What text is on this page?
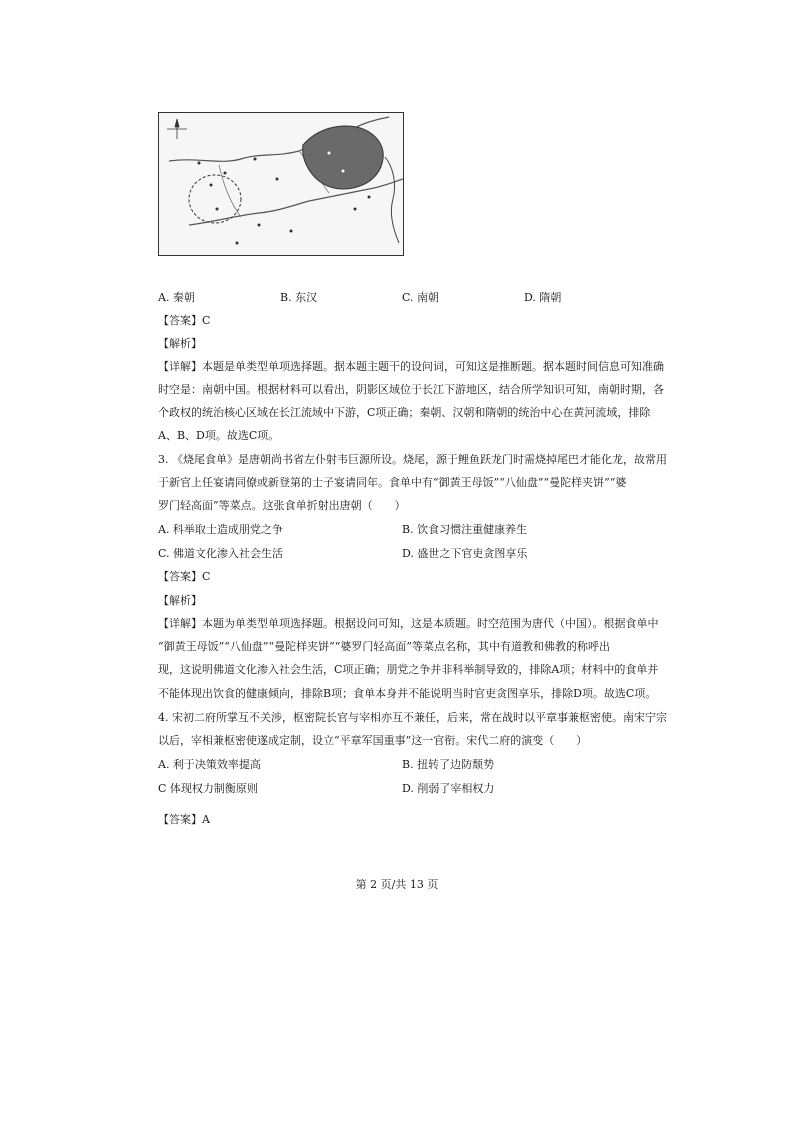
A. 秦朝	B. 东汉	C. 南朝	D. 隋朝
【答案】C
【解析】
【详解】本题是单类型单项选择题。据本题主题干的设问词，可知这是推断题。据本题时间信息可知准确
时空是：南朝中国。根据材料可以看出，阴影区域位于长江下游地区，结合所学知识可知，南朝时期，各
个政权的统治核心区域在长江流域中下游，C项正确；秦朝、汉朝和隋朝的统治中心在黄河流域，排除
A、B、D项。故选C项。
3. 《烧尾食单》是唐朝尚书省左仆射韦巨源所设。烧尾，源于鲤鱼跃龙门时需烧掉尾巴才能化龙，故常用
于新官上任宴请同僚或新登第的士子宴请同年。食单中有“御黄王母饭”“八仙盘”“曼陀样夹饼”“婆
罗门轻高面”等菜点。这张食单折射出唐朝（　　）
A. 科举取士造成朋党之争	B. 饮食习惯注重健康养生
C. 佛道文化渗入社会生活	D. 盛世之下官吏贪图享乐
【答案】C
【解析】
【详解】本题为单类型单项选择题。根据设问可知，这是本质题。时空范围为唐代（中国）。根据食单中
“御黄王母饭”“八仙盘”“曼陀样夹饼”“婆罗门轻高面”等菜点名称，其中有道教和佛教的称呼出
现，这说明佛道文化渗入社会生活，C项正确；朋党之争并非科举制导致的，排除A项；材料中的食单并
不能体现出饮食的健康倾向，排除B项；食单本身并不能说明当时官吏贪图享乐，排除D项。故选C项。
4. 宋初二府所掌互不关涉，枢密院长官与宰相亦互不兼任，后来，常在战时以平章事兼枢密使。南宋宁宗
以后，宰相兼枢密使遂成定制，设立“平章军国重事”这一官衔。宋代二府的演变（　　）
A. 利于决策效率提高	B. 扭转了边防颓势
C 体现权力制衡原则	D. 削弱了宰相权力
【答案】A
第 2 页/共 13 页
